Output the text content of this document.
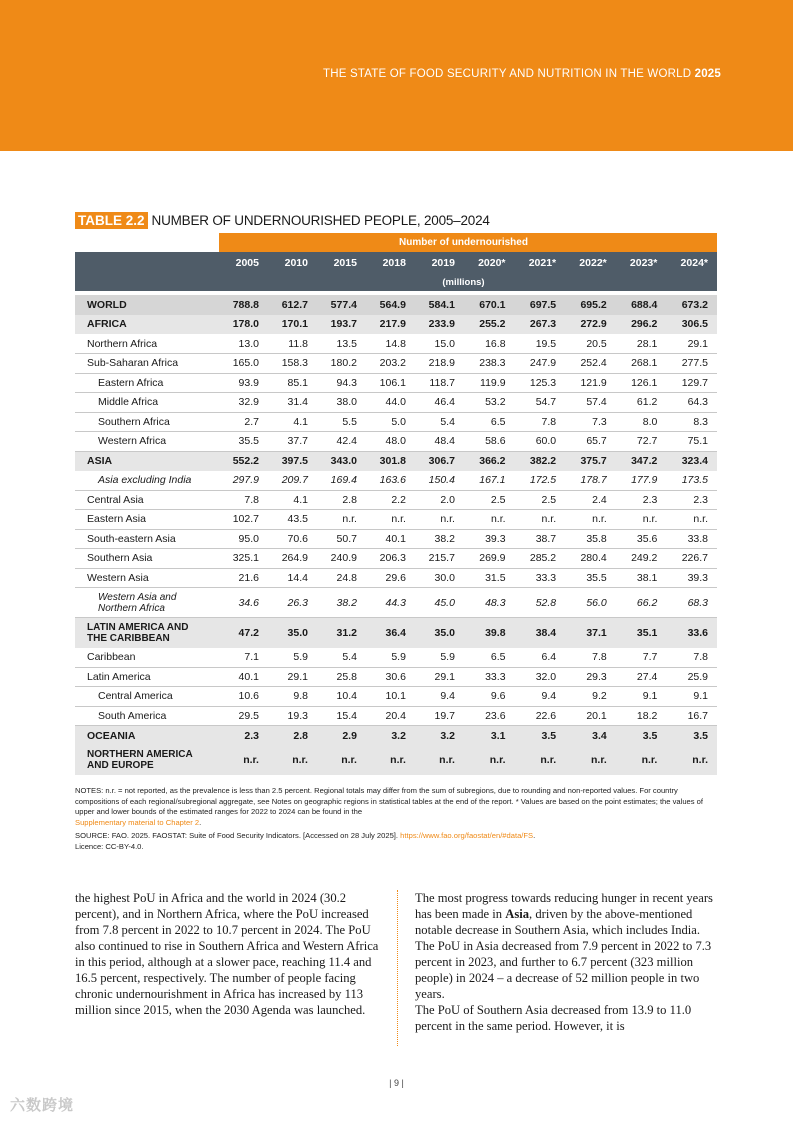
THE STATE OF FOOD SECURITY AND NUTRITION IN THE WORLD 2025
TABLE 2.2 NUMBER OF UNDERNOURISHED PEOPLE, 2005–2024
	Number of undernourished									
	2005	2010	2015	2018	2019	2020*	2021*	2022*	2023*	2024*
	(millions)									

WORLD	788.8	612.7	577.4	564.9	584.1	670.1	697.5	695.2	688.4	673.2
AFRICA	178.0	170.1	193.7	217.9	233.9	255.2	267.3	272.9	296.2	306.5
Northern Africa	13.0	11.8	13.5	14.8	15.0	16.8	19.5	20.5	28.1	29.1
Sub-Saharan Africa	165.0	158.3	180.2	203.2	218.9	238.3	247.9	252.4	268.1	277.5
Eastern Africa	93.9	85.1	94.3	106.1	118.7	119.9	125.3	121.9	126.1	129.7
Middle Africa	32.9	31.4	38.0	44.0	46.4	53.2	54.7	57.4	61.2	64.3
Southern Africa	2.7	4.1	5.5	5.0	5.4	6.5	7.8	7.3	8.0	8.3
Western Africa	35.5	37.7	42.4	48.0	48.4	58.6	60.0	65.7	72.7	75.1
ASIA	552.2	397.5	343.0	301.8	306.7	366.2	382.2	375.7	347.2	323.4
Asia excluding India	297.9	209.7	169.4	163.6	150.4	167.1	172.5	178.7	177.9	173.5
Central Asia	7.8	4.1	2.8	2.2	2.0	2.5	2.5	2.4	2.3	2.3
Eastern Asia	102.7	43.5	n.r.	n.r.	n.r.	n.r.	n.r.	n.r.	n.r.	n.r.
South-eastern Asia	95.0	70.6	50.7	40.1	38.2	39.3	38.7	35.8	35.6	33.8
Southern Asia	325.1	264.9	240.9	206.3	215.7	269.9	285.2	280.4	249.2	226.7
Western Asia	21.6	14.4	24.8	29.6	30.0	31.5	33.3	35.5	38.1	39.3
Western Asia and Northern Africa	34.6	26.3	38.2	44.3	45.0	48.3	52.8	56.0	66.2	68.3
LATIN AMERICA AND THE CARIBBEAN	47.2	35.0	31.2	36.4	35.0	39.8	38.4	37.1	35.1	33.6
Caribbean	7.1	5.9	5.4	5.9	5.9	6.5	6.4	7.8	7.7	7.8
Latin America	40.1	29.1	25.8	30.6	29.1	33.3	32.0	29.3	27.4	25.9
Central America	10.6	9.8	10.4	10.1	9.4	9.6	9.4	9.2	9.1	9.1
South America	29.5	19.3	15.4	20.4	19.7	23.6	22.6	20.1	18.2	16.7
OCEANIA	2.3	2.8	2.9	3.2	3.2	3.1	3.5	3.4	3.5	3.5
NORTHERN AMERICA AND EUROPE	n.r.	n.r.	n.r.	n.r.	n.r.	n.r.	n.r.	n.r.	n.r.	n.r.

NOTES: n.r. = not reported, as the prevalence is less than 2.5 percent. Regional totals may differ from the sum of subregions, due to rounding and non-reported values. For country compositions of each regional/subregional aggregate, see Notes on geographic regions in statistical tables at the end of the report. * Values are based on the point estimates; the values of upper and lower bounds of the estimated ranges for 2022 to 2024 can be found in the
Supplementary material to Chapter 2.

SOURCE: FAO. 2025. FAOSTAT: Suite of Food Security Indicators. [Accessed on 28 July 2025]. https://www.fao.org/faostat/en/#data/FS.
Licence: CC-BY-4.0.

the highest PoU in Africa and the world in 2024 (30.2 percent), and in Northern Africa, where the PoU increased from 7.8 percent in 2022 to 10.7 percent in 2024. The PoU also continued to rise in Southern Africa and Western Africa in this period, although at a slower pace, reaching 11.4 and 16.5 percent, respectively. The number of people facing chronic undernourishment in Africa has increased by 113 million since 2015, when the 2030 Agenda was launched.

The most progress towards reducing hunger in recent years has been made in Asia, driven by the above-mentioned notable decrease in Southern Asia, which includes India.

The PoU in Asia decreased from 7.9 percent in 2022 to 7.3 percent in 2023, and further to 6.7 percent (323 million people) in 2024 – a decrease of 52 million people in two years.

The PoU of Southern Asia decreased from 13.9 to 11.0 percent in the same period. However, it is

| 9 |
六数跨境
